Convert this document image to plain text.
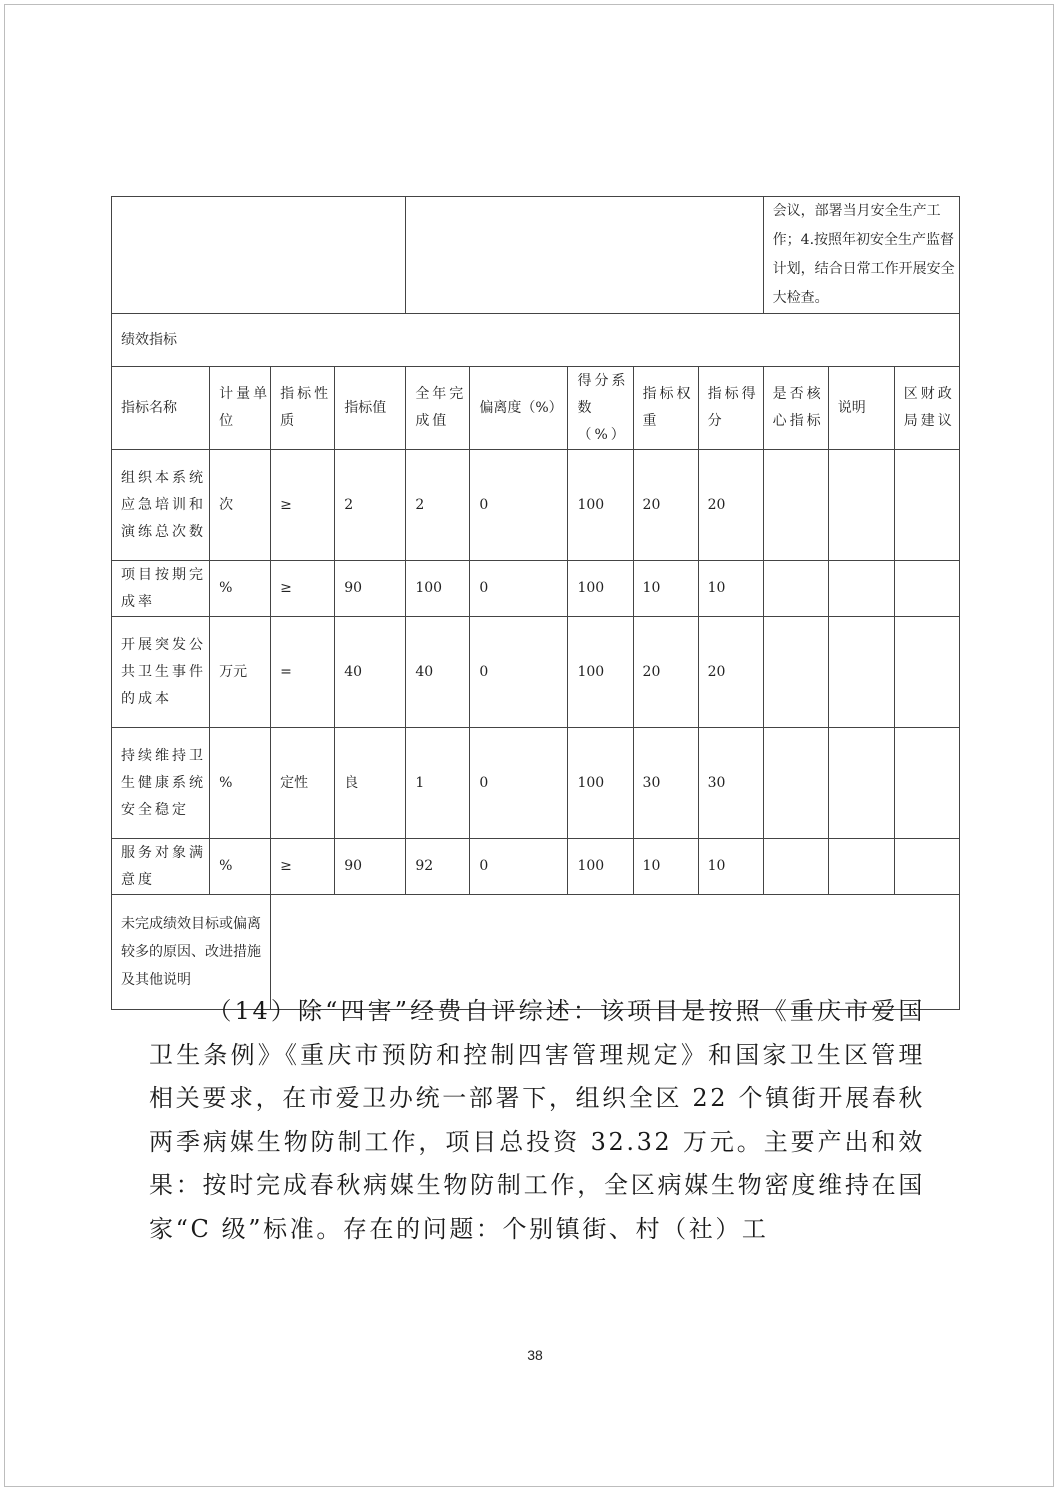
									会议，部署当月安全生产工作；4.按照年初安全生产监督计划，结合日常工作开展安全大检查。		
绩效指标											
指标名称	计量单位	指标性质	指标值	全年完成值	偏离度（%）	得分系数（%）	指标权重	指标得分	是否核心指标	说明	区财政局建议
组织本系统应急培训和演练总次数	次	≥	2	2	0	100	20	20			
项目按期完成率	%	≥	90	100	0	100	10	10			
开展突发公共卫生事件的成本	万元	=	40	40	0	100	20	20			
持续维持卫生健康系统安全稳定	%	定性	良	1	0	100	30	30			
服务对象满意度	%	≥	90	92	0	100	10	10			
未完成绩效目标或偏离较多的原因、改进措施及其他说明											
（14）除“四害”经费自评综述：该项目是按照《重庆市爱国卫生条例》《重庆市预防和控制四害管理规定》和国家卫生区管理相关要求，在市爱卫办统一部署下，组织全区 22 个镇街开展春秋两季病媒生物防制工作，项目总投资 32.32 万元。主要产出和效果：按时完成春秋病媒生物防制工作，全区病媒生物密度维持在国家“C 级”标准。存在的问题：个别镇街、村（社）工
38
